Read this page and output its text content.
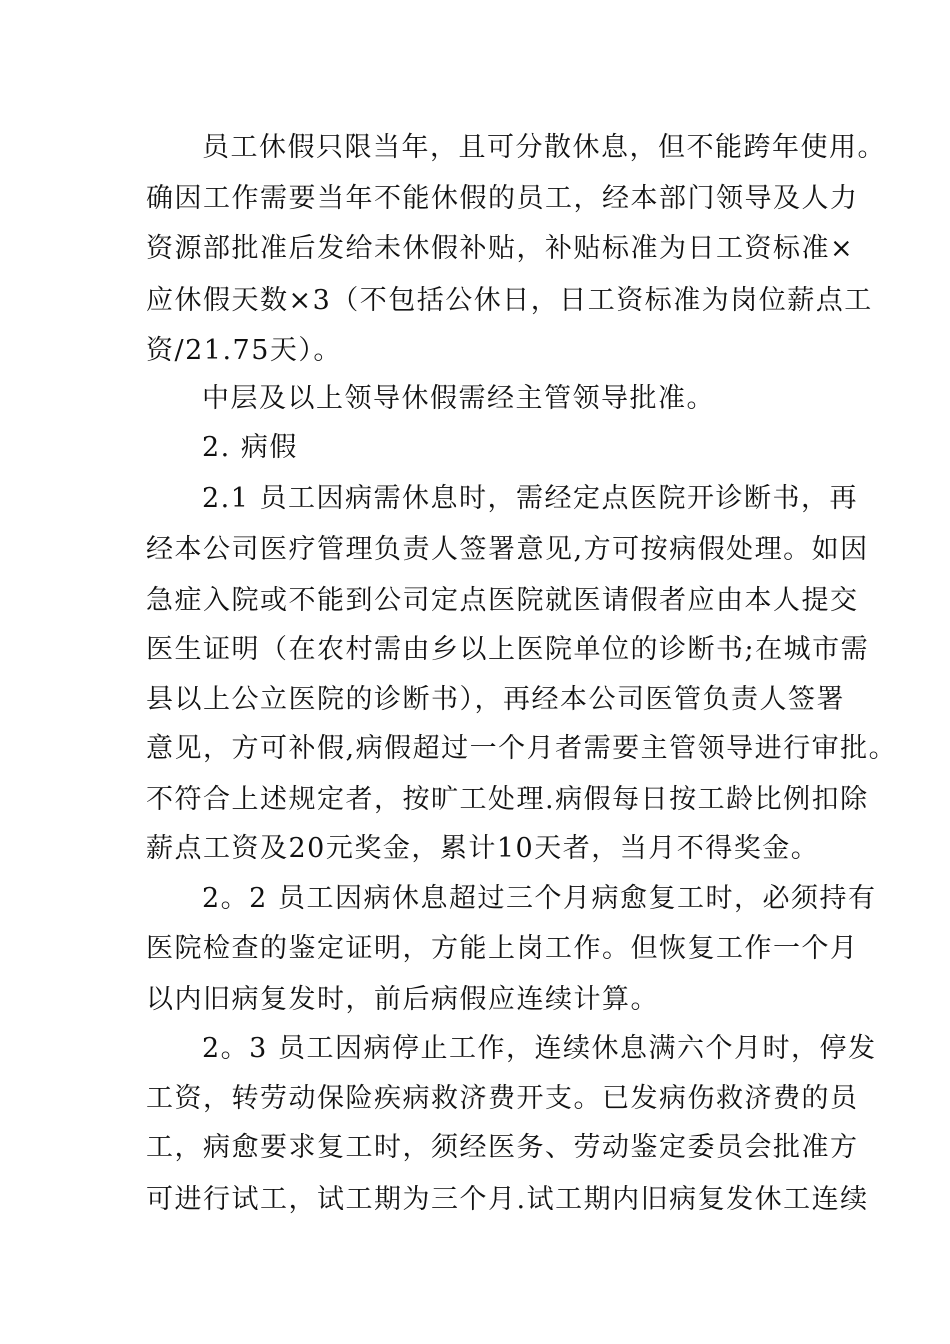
员工休假只限当年，且可分散休息，但不能跨年使用。
确因工作需要当年不能休假的员工，经本部门领导及人力
资源部批准后发给未休假补贴，补贴标准为日工资标准×
应休假天数×3（不包括公休日，日工资标准为岗位薪点工
资/21.75天）。
中层及以上领导休假需经主管领导批准。
2. 病假
2.1 员工因病需休息时，需经定点医院开诊断书，再
经本公司医疗管理负责人签署意见,方可按病假处理。如因
急症入院或不能到公司定点医院就医请假者应由本人提交
医生证明（在农村需由乡以上医院单位的诊断书;在城市需
县以上公立医院的诊断书），再经本公司医管负责人签署
意见，方可补假,病假超过一个月者需要主管领导进行审批。
不符合上述规定者，按旷工处理.病假每日按工龄比例扣除
薪点工资及20元奖金，累计10天者，当月不得奖金。
2。2 员工因病休息超过三个月病愈复工时，必须持有
医院检查的鉴定证明，方能上岗工作。但恢复工作一个月
以内旧病复发时，前后病假应连续计算。
2。3 员工因病停止工作，连续休息满六个月时，停发
工资，转劳动保险疾病救济费开支。已发病伤救济费的员
工，病愈要求复工时，须经医务、劳动鉴定委员会批准方
可进行试工，试工期为三个月.试工期内旧病复发休工连续
